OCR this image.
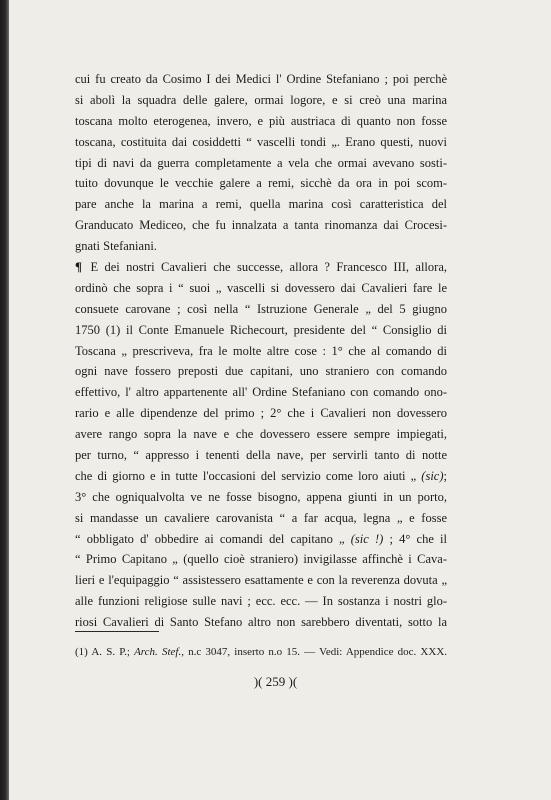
cui fu creato da Cosimo I dei Medici l' Ordine Stefaniano ; poi perchè
si abolì la squadra delle galere, ormai logore, e si creò una marina
toscana molto eterogenea, invero, e più austriaca di quanto non fosse
toscana, costituita dai cosiddetti “ vascelli tondi „. Erano questi, nuovi
tipi di navi da guerra completamente a vela che ormai avevano sosti-
tuito dovunque le vecchie galere a remi, sicchè da ora in poi scom-
pare anche la marina a remi, quella marina così caratteristica del
Granducato Mediceo, che fu innalzata a tanta rinomanza dai Crocesi-
gnati Stefaniani.
¶ E dei nostri Cavalieri che successe, allora ? Francesco III, allora,
ordinò che sopra i “ suoi „ vascelli si dovessero dai Cavalieri fare le
consuete carovane ; così nella “ Istruzione Generale „ del 5 giugno
1750 (1) il Conte Emanuele Richecourt, presidente del “ Consiglio di
Toscana „ prescriveva, fra le molte altre cose : 1° che al comando di
ogni nave fossero preposti due capitani, uno straniero con comando
effettivo, l' altro appartenente all' Ordine Stefaniano con comando ono-
rario e alle dipendenze del primo ; 2° che i Cavalieri non dovessero
avere rango sopra la nave e che dovessero essere sempre impiegati,
per turno, “ appresso i tenenti della nave, per servirli tanto di notte
che di giorno e in tutte l'occasioni del servizio come loro aiuti „ (sic);
3° che ogniqualvolta ve ne fosse bisogno, appena giunti in un porto,
si mandasse un cavaliere carovanista “ a far acqua, legna „ e fosse
“ obbligato d' obbedire ai comandi del capitano „ (sic !) ; 4° che il
“ Primo Capitano „ (quello cioè straniero) invigilasse affinchè i Cava-
lieri e l'equipaggio “ assistessero esattamente e con la reverenza dovuta „
alle funzioni religiose sulle navi ; ecc. ecc. — In sostanza i nostri glo-
riosi Cavalieri di Santo Stefano altro non sarebbero diventati, sotto la
(1) A. S. P.; Arch. Stef., n.c 3047, inserto n.o 15. — Vedi: Appendice doc. XXX.
)( 259 )(
